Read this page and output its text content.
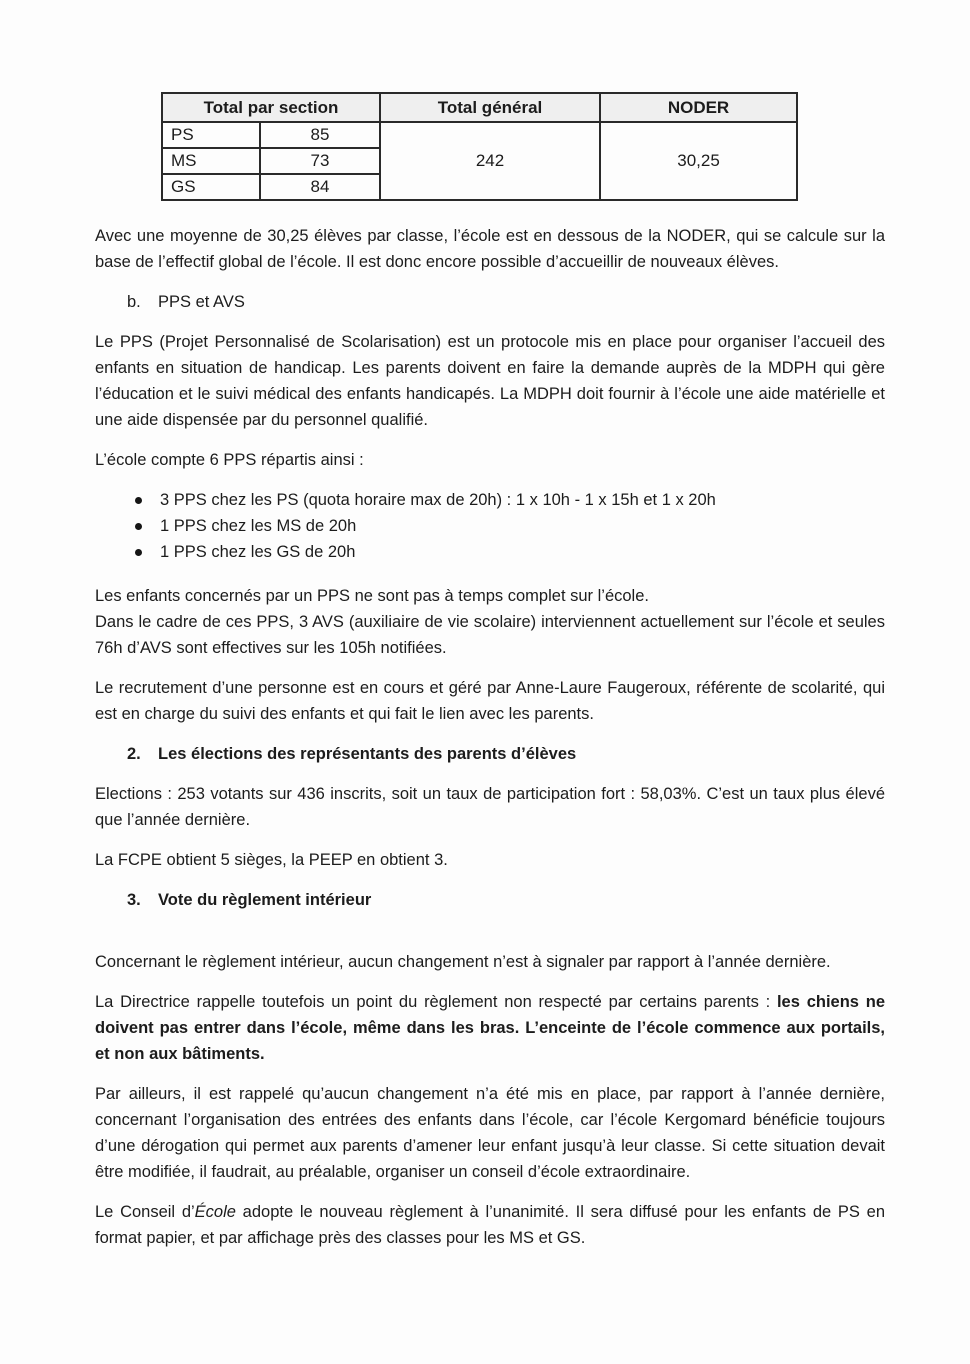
Total par section		Total général	NODER
PS	85	242	30,25
MS	73		
GS	84		

Avec une moyenne de 30,25 élèves par classe, l’école est en dessous de la NODER, qui se calcule sur la base de l’effectif global de l’école. Il est donc encore possible d’accueillir de nouveaux élèves.

b.	PPS et AVS

Le PPS (Projet Personnalisé de Scolarisation) est un protocole mis en place pour organiser l’accueil des enfants en situation de handicap. Les parents doivent en faire la demande auprès de la MDPH qui gère l’éducation et le suivi médical des enfants handicapés. La MDPH doit fournir à l’école une aide matérielle et une aide dispensée par du personnel qualifié.

L’école compte 6 PPS répartis ainsi :

3 PPS chez les PS (quota horaire max de 20h) : 1 x 10h - 1 x 15h et 1 x 20h
1 PPS chez les MS de 20h
1 PPS chez les GS de 20h

Les enfants concernés par un PPS ne sont pas à temps complet sur l’école.
Dans le cadre de ces PPS, 3 AVS (auxiliaire de vie scolaire) interviennent actuellement sur l’école et seules 76h d’AVS sont effectives sur les 105h notifiées.

Le recrutement d’une personne est en cours et géré par Anne-Laure Faugeroux, référente de scolarité, qui est en charge du suivi des enfants et qui fait le lien avec les parents.

2.	Les élections des représentants des parents d’élèves

Elections : 253 votants sur 436 inscrits, soit un taux de participation fort : 58,03%. C’est un taux plus élevé que l’année dernière.

La FCPE obtient 5 sièges, la PEEP en obtient 3.

3.	Vote du règlement intérieur

Concernant le règlement intérieur, aucun changement n’est à signaler par rapport à l’année dernière.

La Directrice rappelle toutefois un point du règlement non respecté par certains parents : les chiens ne doivent pas entrer dans l’école, même dans les bras. L’enceinte de l’école commence aux portails, et non aux bâtiments.

Par ailleurs, il est rappelé qu’aucun changement n’a été mis en place, par rapport à l’année dernière, concernant l’organisation des entrées des enfants dans l’école, car l’école Kergomard bénéficie toujours d’une dérogation qui permet aux parents d’amener leur enfant jusqu’à leur classe. Si cette situation devait être modifiée, il faudrait, au préalable, organiser un conseil d’école extraordinaire.

Le Conseil d’École adopte le nouveau règlement à l’unanimité. Il sera diffusé pour les enfants de PS en format papier, et par affichage près des classes pour les MS et GS.
